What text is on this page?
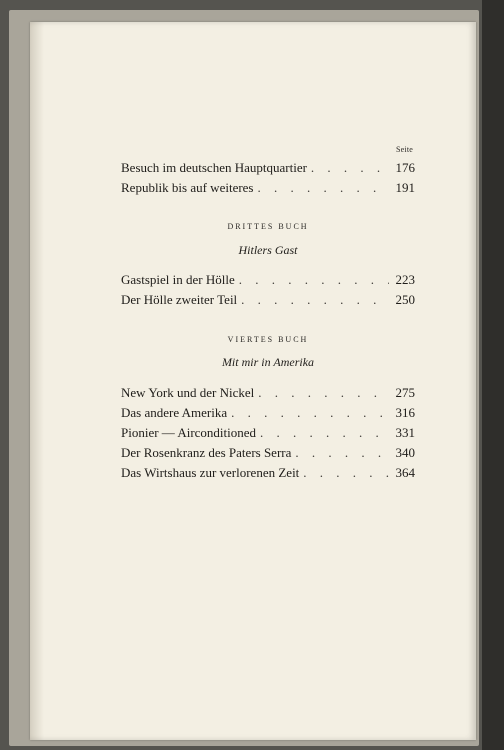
Seite
Besuch im deutschen Hauptquartier . . .	176
Republik bis auf weiteres . . .	191
DRITTES BUCH
Hitlers Gast
Gastspiel in der Hölle . . .	223
Der Hölle zweiter Teil . . .	250
VIERTES BUCH
Mit mir in Amerika
New York und der Nickel . . .	275
Das andere Amerika . . .	316
Pionier — Airconditioned . . .	331
Der Rosenkranz des Paters Serra . . .	340
Das Wirtshaus zur verlorenen Zeit . . .	364
